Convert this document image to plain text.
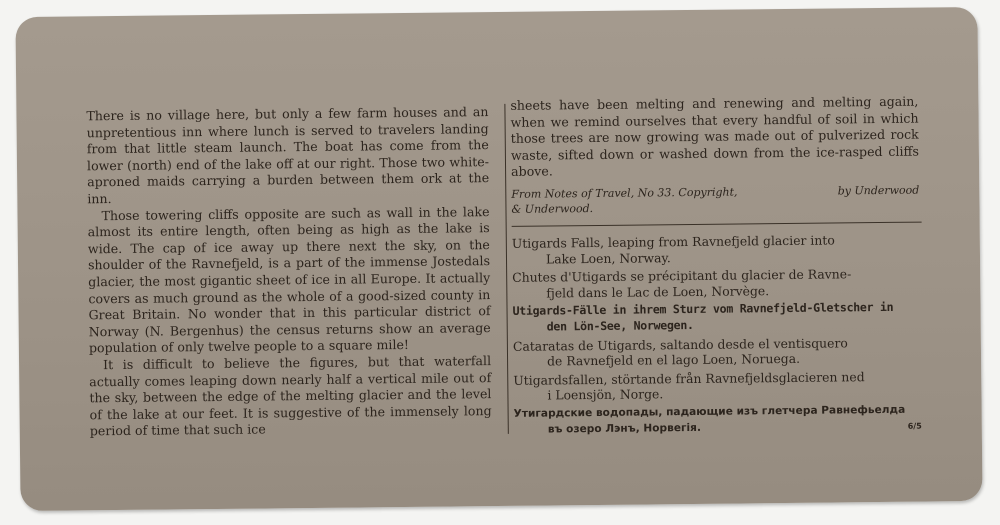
There is no village here, but only a few farm houses and an unpretentious inn where lunch is served to travelers landing from that little steam launch. The boat has come from the lower (north) end of the lake off at our right. Those two white-aproned maids carrying a burden between them ork at the inn.

Those towering cliffs opposite are such as wall in the lake almost its entire length, often being as high as the lake is wide. The cap of ice away up there next the sky, on the shoulder of the Ravnefjeld, is a part of the immense Jostedals glacier, the most gigantic sheet of ice in all Europe. It actually covers as much ground as the whole of a good-sized county in Great Britain. No wonder that in this particular district of Norway (N. Bergenhus) the census returns show an average population of only twelve people to a square mile!

It is difficult to believe the figures, but that waterfall actually comes leaping down nearly half a vertical mile out of the sky, between the edge of the melting glacier and the level of the lake at our feet. It is suggestive of the immensely long period of time that such ice

sheets have been melting and renewing and melting again, when we remind ourselves that every handful of soil in which those trees are now growing was made out of pulverized rock waste, sifted down or washed down from the ice-rasped cliffs above.

From Notes of Travel, No 33. Copyright,	by Underwood
& Underwood.

Utigards Falls, leaping from Ravnefjeld glacier into
Lake Loen, Norway.

Chutes d'Utigards se précipitant du glacier de Ravne-
fjeld dans le Lac de Loen, Norvège.

Utigards-Fälle in ihrem Sturz vom Ravnefjeld-Gletscher in
den Lön-See, Norwegen.

Cataratas de Utigards, saltando desde el ventisquero
de Ravnefjeld en el lago Loen, Noruega.

Utigardsfallen, störtande från Ravnefjeldsglacieren ned
i Loensjön, Norge.

Утигардские водопады, падающие изъ глетчера Равнефьелда
въ озеро Лэнъ, Норвегія.	6/5
